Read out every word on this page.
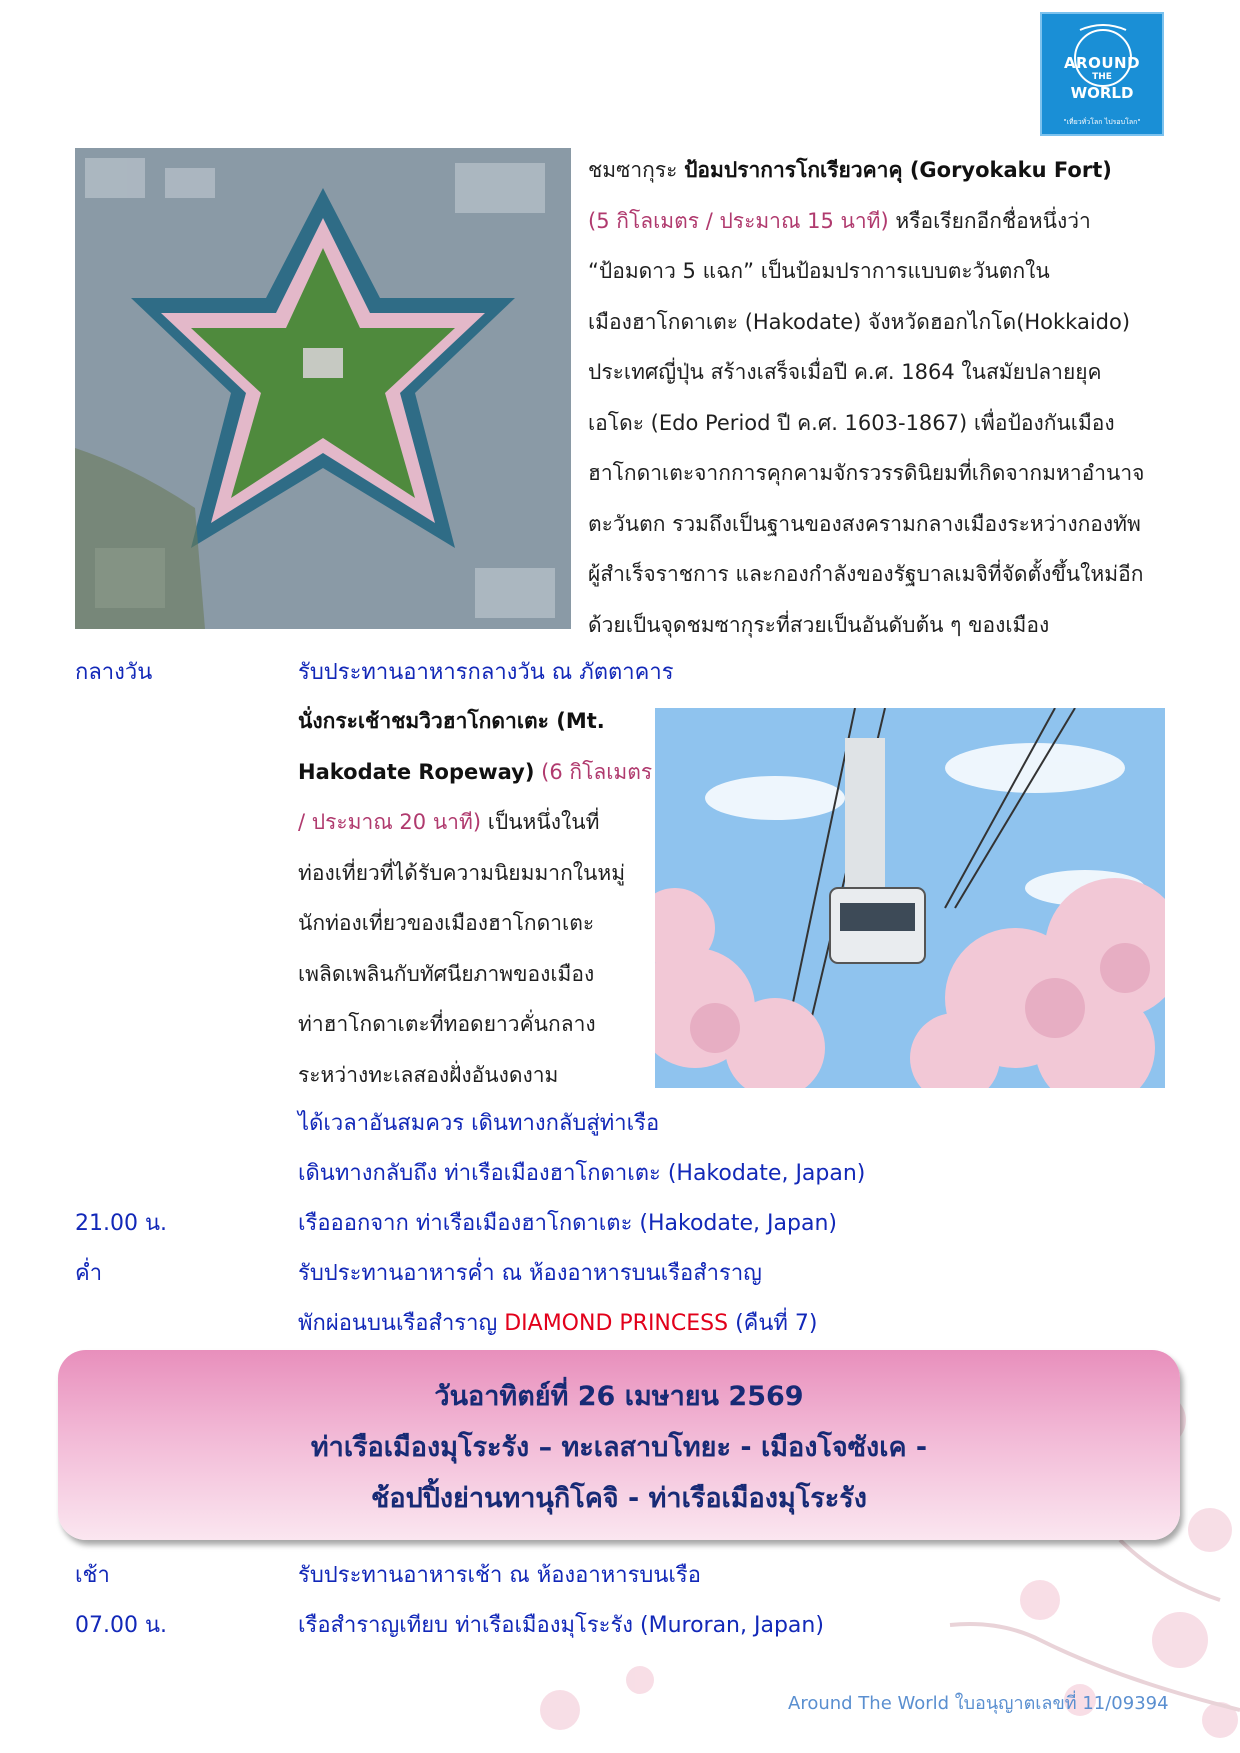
AROUND
THE
WORLD
"เที่ยวทั่วโลก ไปรอบโลก"
ชมซากุระ ป้อมปราการโกเรียวคาคุ (Goryokaku Fort)
(5 กิโลเมตร / ประมาณ 15 นาที) หรือเรียกอีกชื่อหนึ่งว่า
“ป้อมดาว 5 แฉก” เป็นป้อมปราการแบบตะวันตกใน
เมืองฮาโกดาเตะ (Hakodate) จังหวัดฮอกไกโด(Hokkaido)
ประเทศญี่ปุ่น สร้างเสร็จเมื่อปี ค.ศ. 1864 ในสมัยปลายยุค
เอโดะ (Edo Period ปี ค.ศ. 1603-1867) เพื่อป้องกันเมือง
ฮาโกดาเตะจากการคุกคามจักรวรรดินิยมที่เกิดจากมหาอำนาจ
ตะวันตก รวมถึงเป็นฐานของสงครามกลางเมืองระหว่างกองทัพ
ผู้สำเร็จราชการ และกองกำลังของรัฐบาลเมจิที่จัดตั้งขึ้นใหม่อีก
ด้วยเป็นจุดชมซากุระที่สวยเป็นอันดับต้น ๆ ของเมือง
กลางวัน	รับประทานอาหารกลางวัน ณ ภัตตาคาร
นั่งกระเช้าชมวิวฮาโกดาเตะ (Mt.
Hakodate Ropeway) (6 กิโลเมตร
/ ประมาณ 20 นาที) เป็นหนึ่งในที่
ท่องเที่ยวที่ได้รับความนิยมมากในหมู่
นักท่องเที่ยวของเมืองฮาโกดาเตะ
เพลิดเพลินกับทัศนียภาพของเมือง
ท่าฮาโกดาเตะที่ทอดยาวคั่นกลาง
ระหว่างทะเลสองฝั่งอันงดงาม
ได้เวลาอันสมควร เดินทางกลับสู่ท่าเรือ
เดินทางกลับถึง ท่าเรือเมืองฮาโกดาเตะ (Hakodate, Japan)
21.00 น.	เรือออกจาก ท่าเรือเมืองฮาโกดาเตะ (Hakodate, Japan)
ค่ำ	รับประทานอาหารค่ำ ณ ห้องอาหารบนเรือสำราญ
พักผ่อนบนเรือสำราญ DIAMOND PRINCESS (คืนที่ 7)
วันอาทิตย์ที่ 26 เมษายน 2569
ท่าเรือเมืองมุโระรัง – ทะเลสาบโทยะ - เมืองโจซังเค -
ช้อปปิ้งย่านทานุกิโคจิ - ท่าเรือเมืองมุโระรัง
เช้า	รับประทานอาหารเช้า ณ ห้องอาหารบนเรือ
07.00 น.	เรือสำราญเทียบ ท่าเรือเมืองมุโระรัง (Muroran, Japan)
Around The World ใบอนุญาตเลขที่ 11/09394
